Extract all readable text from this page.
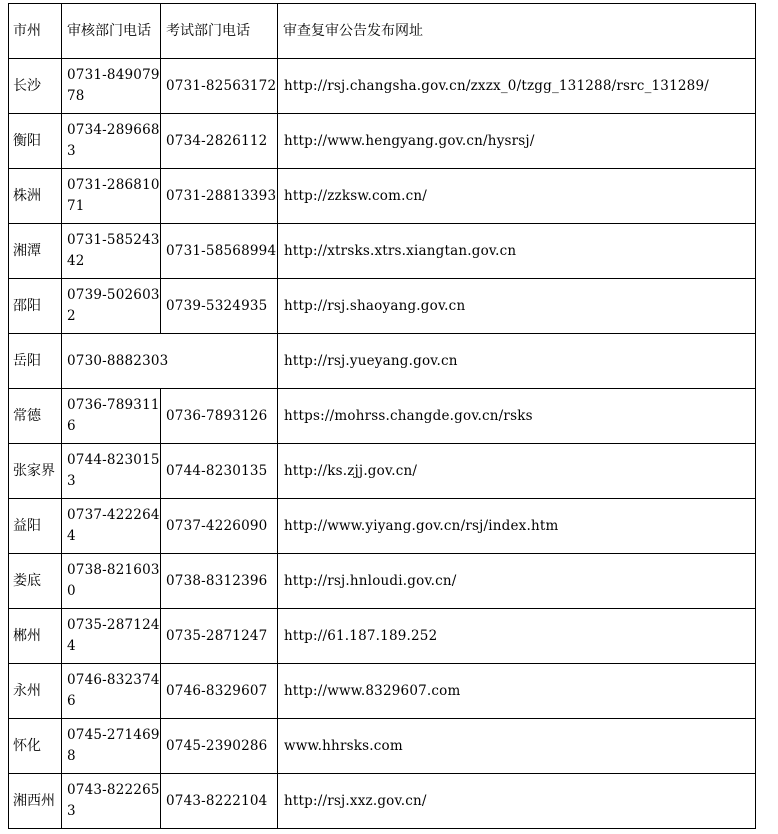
市州	审核部门电话	考试部门电话	审查复审公告发布网址
长沙	0731-84907978	0731-82563172	http://rsj.changsha.gov.cn/zxzx_0/tzgg_131288/rsrc_131289/
衡阳	0734-2896683	0734-2826112	http://www.hengyang.gov.cn/hysrsj/
株洲	0731-28681071	0731-28813393	http://zzksw.com.cn/
湘潭	0731-58524342	0731-58568994	http://xtrsks.xtrs.xiangtan.gov.cn
邵阳	0739-5026032	0739-5324935	http://rsj.shaoyang.gov.cn
岳阳	0730-8882303		http://rsj.yueyang.gov.cn
常德	0736-7893116	0736-7893126	https://mohrss.changde.gov.cn/rsks
张家界	0744-8230153	0744-8230135	http://ks.zjj.gov.cn/
益阳	0737-4222644	0737-4226090	http://www.yiyang.gov.cn/rsj/index.htm
娄底	0738-8216030	0738-8312396	http://rsj.hnloudi.gov.cn/
郴州	0735-2871244	0735-2871247	http://61.187.189.252
永州	0746-8323746	0746-8329607	http://www.8329607.com
怀化	0745-2714698	0745-2390286	www.hhrsks.com
湘西州	0743-8222653	0743-8222104	http://rsj.xxz.gov.cn/
